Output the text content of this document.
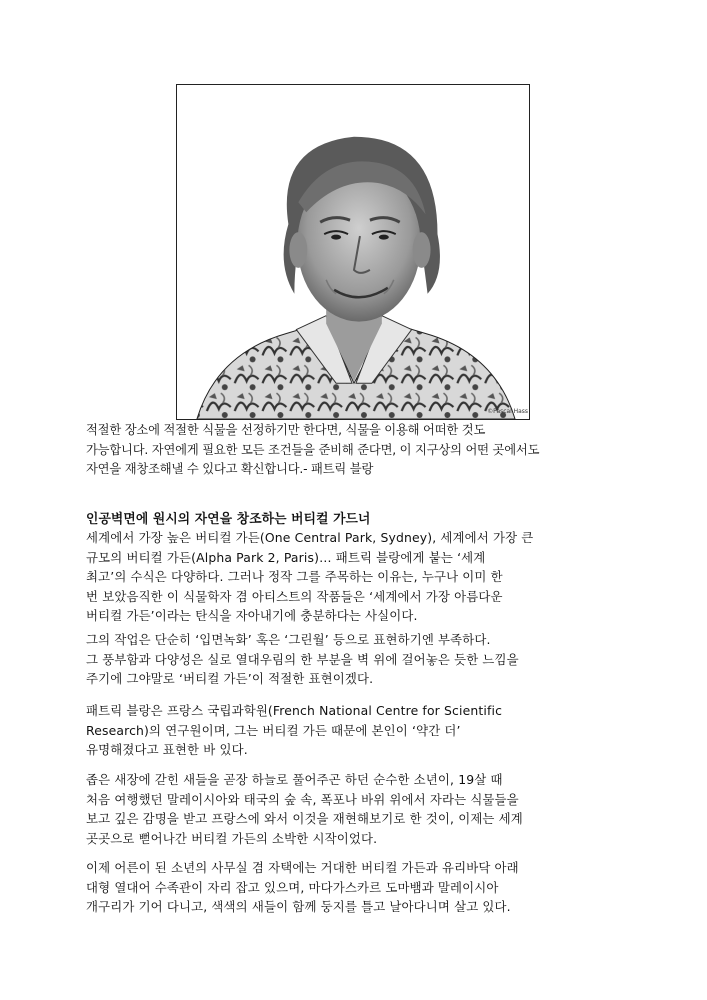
©Pascal Hass
적절한 장소에 적절한 식물을 선정하기만 한다면, 식물을 이용해 어떠한 것도
가능합니다. 자연에게 필요한 모든 조건들을 준비해 준다면, 이 지구상의 어떤 곳에서도
자연을 재창조해낼 수 있다고 확신합니다.- 패트릭 블랑
인공벽면에 원시의 자연을 창조하는 버티컬 가드너
세계에서 가장 높은 버티컬 가든(One Central Park, Sydney), 세계에서 가장 큰
규모의 버티컬 가든(Alpha Park 2, Paris)… 패트릭 블랑에게 붙는 ‘세계
최고’의 수식은 다양하다. 그러나 정작 그를 주목하는 이유는, 누구나 이미 한
번 보았음직한 이 식물학자 겸 아티스트의 작품들은 ‘세계에서 가장 아름다운
버티컬 가든’이라는 탄식을 자아내기에 충분하다는 사실이다.
그의 작업은 단순히 ‘입면녹화’ 혹은 ‘그린월’ 등으로 표현하기엔 부족하다.
그 풍부함과 다양성은 실로 열대우림의 한 부분을 벽 위에 걸어놓은 듯한 느낌을
주기에 그야말로 ‘버티컬 가든’이 적절한 표현이겠다.
패트릭 블랑은 프랑스 국립과학원(French National Centre for Scientific
Research)의 연구원이며, 그는 버티컬 가든 때문에 본인이 ‘약간 더’
유명해졌다고 표현한 바 있다.
좁은 새장에 갇힌 새들을 곧장 하늘로 풀어주곤 하던 순수한 소년이, 19살 때
처음 여행했던 말레이시아와 태국의 숲 속, 폭포나 바위 위에서 자라는 식물들을
보고 깊은 감명을 받고 프랑스에 와서 이것을 재현해보기로 한 것이, 이제는 세계
곳곳으로 뻗어나간 버티컬 가든의 소박한 시작이었다.
이제 어른이 된 소년의 사무실 겸 자택에는 거대한 버티컬 가든과 유리바닥 아래
대형 열대어 수족관이 자리 잡고 있으며, 마다가스카르 도마뱀과 말레이시아
개구리가 기어 다니고, 색색의 새들이 함께 둥지를 틀고 날아다니며 살고 있다.
